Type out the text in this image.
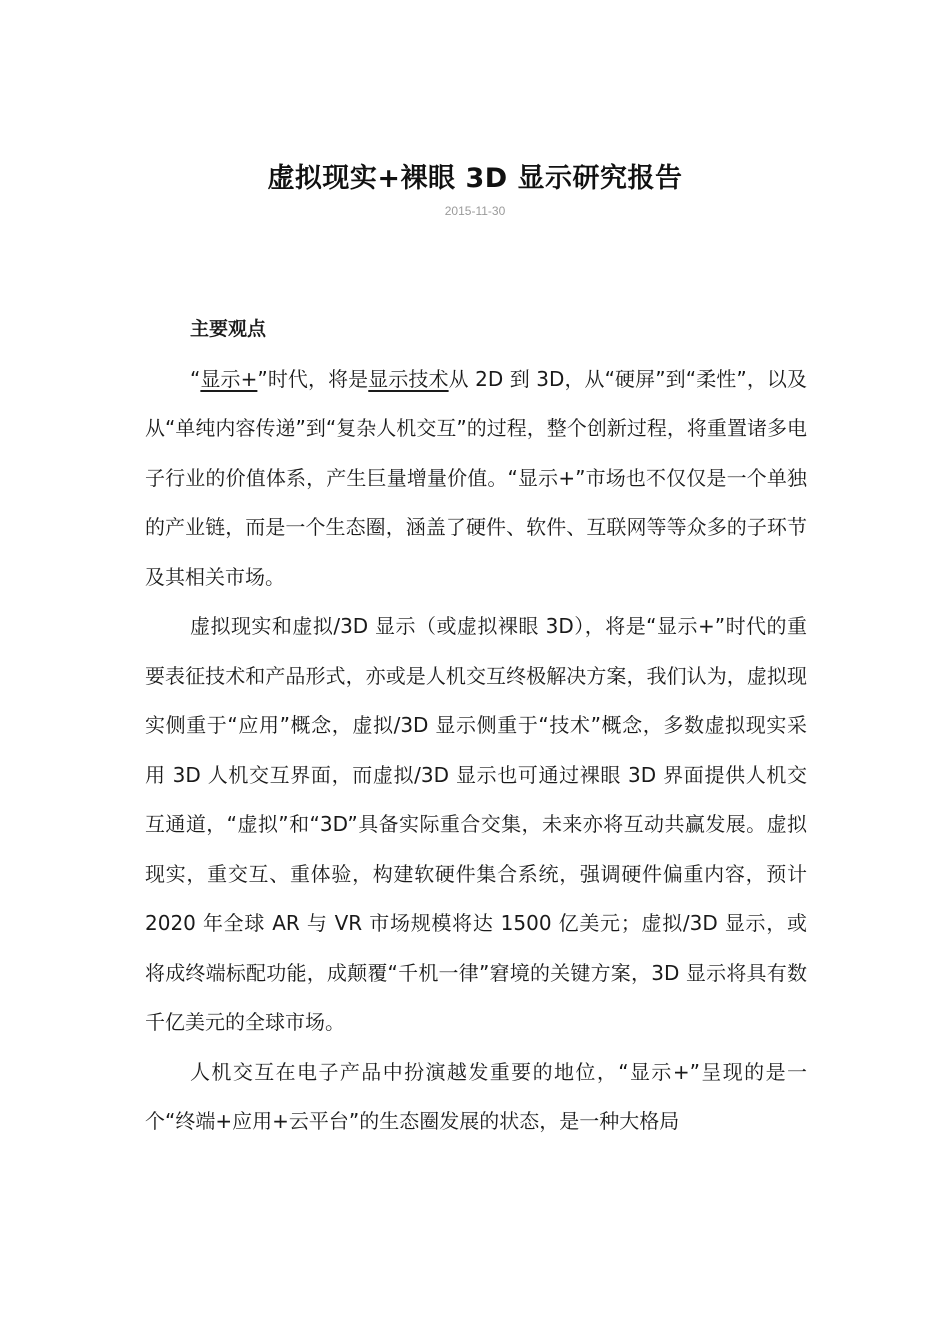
虚拟现实+裸眼 3D 显示研究报告
2015-11-30

主要观点

“显示+”时代，将是显示技术从 2D 到 3D，从“硬屏”到“柔性”，以及从“单纯内容传递”到“复杂人机交互”的过程，整个创新过程，将重置诸多电子行业的价值体系，产生巨量增量价值。“显示+”市场也不仅仅是一个单独的产业链，而是一个生态圈，涵盖了硬件、软件、互联网等等众多的子环节及其相关市场。

虚拟现实和虚拟/3D 显示（或虚拟裸眼 3D），将是“显示+”时代的重要表征技术和产品形式，亦或是人机交互终极解决方案，我们认为，虚拟现实侧重于“应用”概念，虚拟/3D 显示侧重于“技术”概念，多数虚拟现实采用 3D 人机交互界面，而虚拟/3D 显示也可通过裸眼 3D 界面提供人机交互通道，“虚拟”和“3D”具备实际重合交集，未来亦将互动共赢发展。虚拟现实，重交互、重体验，构建软硬件集合系统，强调硬件偏重内容，预计 2020 年全球 AR 与 VR 市场规模将达 1500 亿美元；虚拟/3D 显示，或将成终端标配功能，成颠覆“千机一律”窘境的关键方案，3D 显示将具有数千亿美元的全球市场。

人机交互在电子产品中扮演越发重要的地位，“显示+”呈现的是一个“终端+应用+云平台”的生态圈发展的状态，是一种大格局
